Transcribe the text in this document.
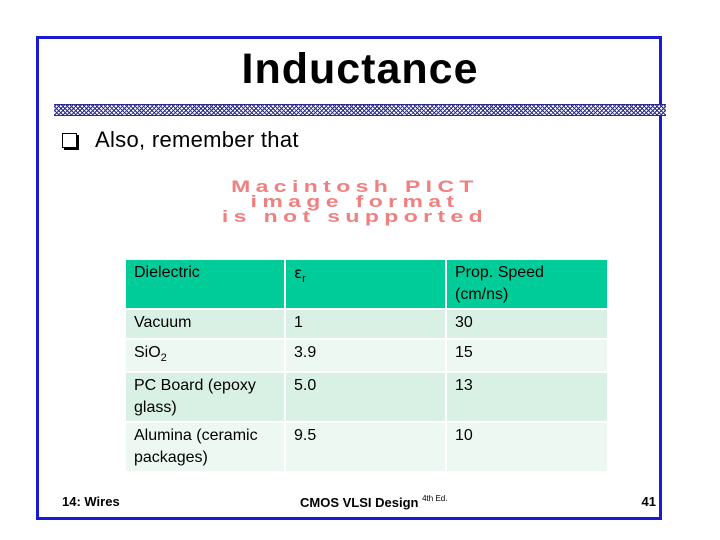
Inductance
Also, remember that
Macintosh PICT
image format
is not supported
Dielectric	$\varepsilon_r$	Prop. Speed (cm/ns)
Vacuum	1	30
SiO$_2$	3.9	15
PC Board (epoxy glass)	5.0	13
Alumina (ceramic packages)	9.5	10
14: Wires	CMOS VLSI Design $^{4th Ed.}$	41
